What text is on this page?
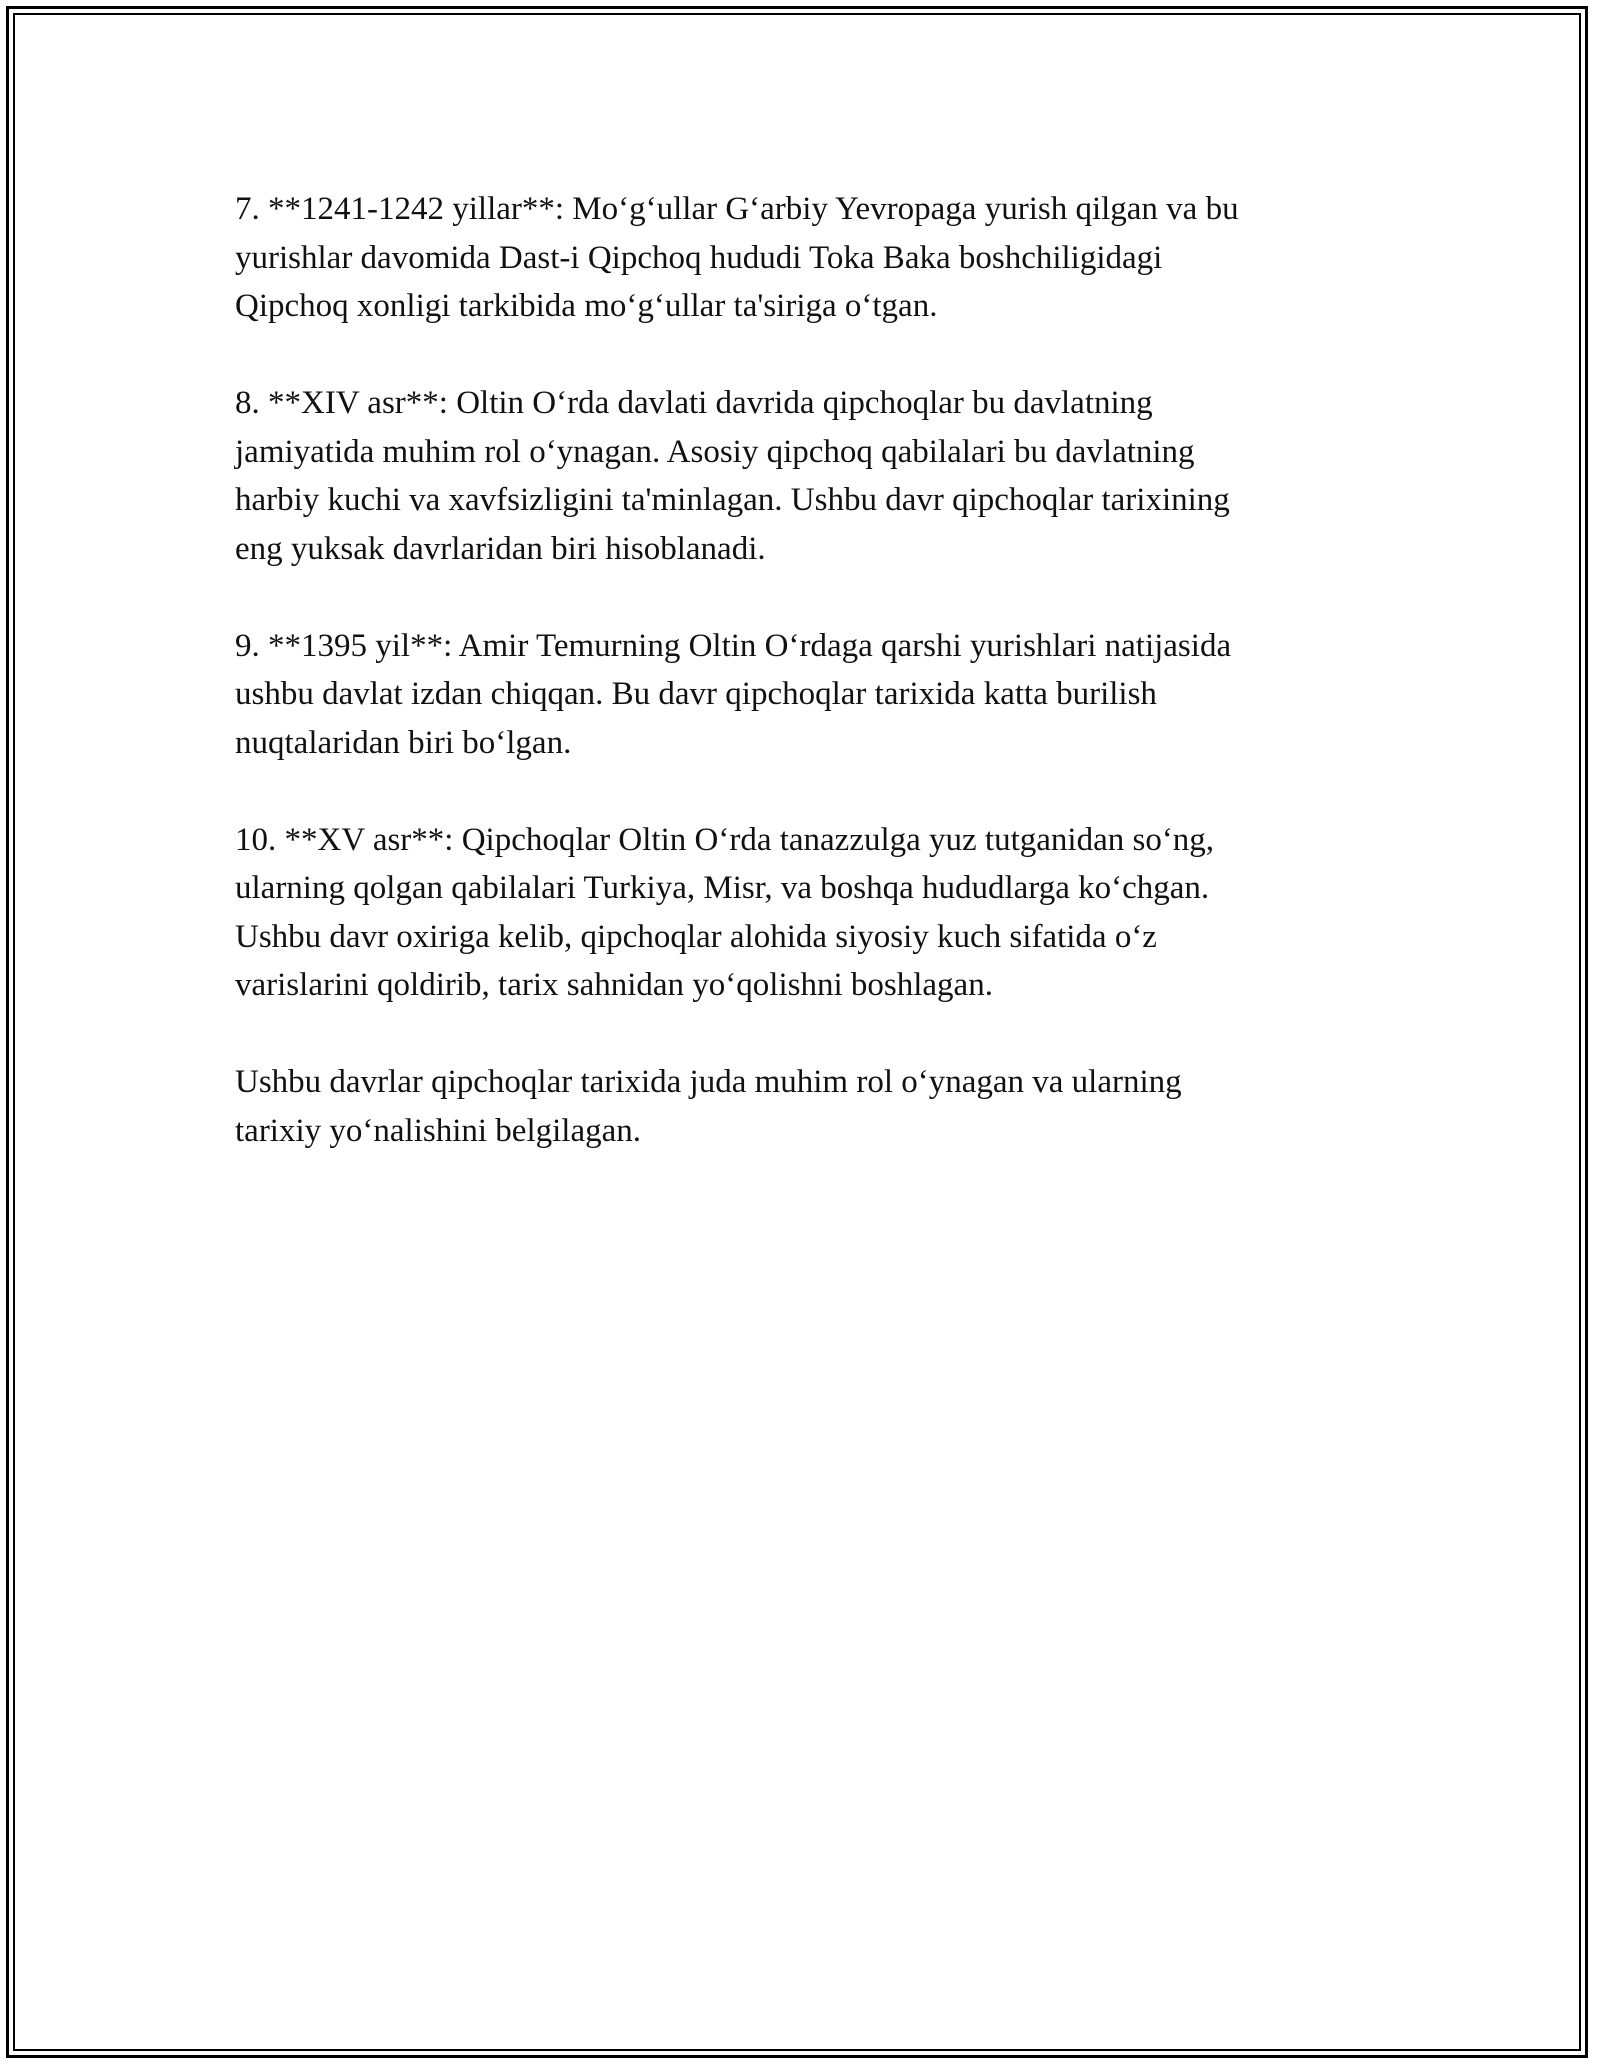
7. **1241-1242 yillar**: Mo‘g‘ullar G‘arbiy Yevropaga yurish qilgan va bu
yurishlar davomida Dast-i Qipchoq hududi Toka Baka boshchiligidagi
Qipchoq xonligi tarkibida mo‘g‘ullar ta'siriga o‘tgan.

8. **XIV asr**: Oltin O‘rda davlati davrida qipchoqlar bu davlatning
jamiyatida muhim rol o‘ynagan. Asosiy qipchoq qabilalari bu davlatning
harbiy kuchi va xavfsizligini ta'minlagan. Ushbu davr qipchoqlar tarixining
eng yuksak davrlaridan biri hisoblanadi.

9. **1395 yil**: Amir Temurning Oltin O‘rdaga qarshi yurishlari natijasida
ushbu davlat izdan chiqqan. Bu davr qipchoqlar tarixida katta burilish
nuqtalaridan biri bo‘lgan.

10. **XV asr**: Qipchoqlar Oltin O‘rda tanazzulga yuz tutganidan so‘ng,
ularning qolgan qabilalari Turkiya, Misr, va boshqa hududlarga ko‘chgan.
Ushbu davr oxiriga kelib, qipchoqlar alohida siyosiy kuch sifatida o‘z
varislarini qoldirib, tarix sahnidan yo‘qolishni boshlagan.

Ushbu davrlar qipchoqlar tarixida juda muhim rol o‘ynagan va ularning
tarixiy yo‘nalishini belgilagan.
